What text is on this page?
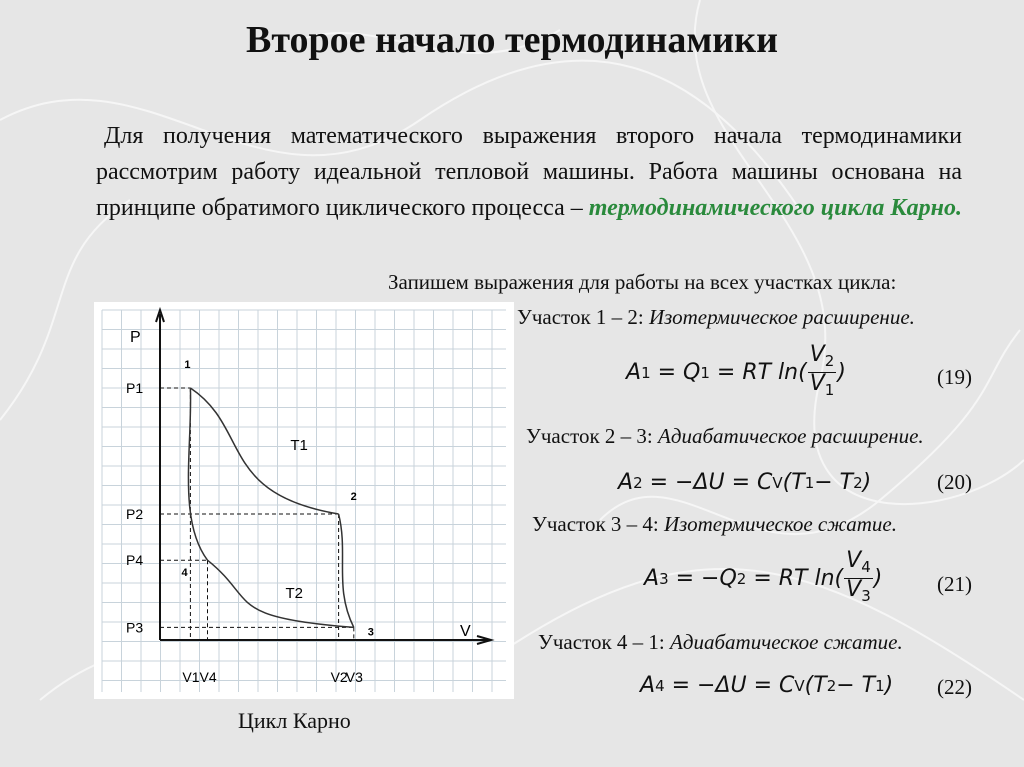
Второе начало термодинамики
Для получения математического выражения второго начала термодинамики рассмотрим работу идеальной тепловой машины. Работа машины основана на принципе обратимого циклического процесса – термодинамического цикла Карно.
Запишем выражения для работы на всех участках цикла:
Участок 1 – 2: Изотермическое расширение.
A 1
= Q 1
= RT $\ln( \frac{V_2}{V_1}$ )	(19)
Участок 2 – 3: Адиабатическое расширение.
A 2
= −ΔU = C V (T 1 − T 2 )	(20)
Участок 3 – 4: Изотермическое сжатие.
A 3
= −Q 2
= RT $\ln( \frac{V_4}{V_3}$ )	(21)
Участок 4 – 1: Адиабатическое сжатие.
A 4
= −ΔU = C V (T 2 − T 1 ) (22)
V
P
1
2
3
4
T1
T2
V1 V4	V2
V3
P1
P2
P4
P3
Цикл Карно
